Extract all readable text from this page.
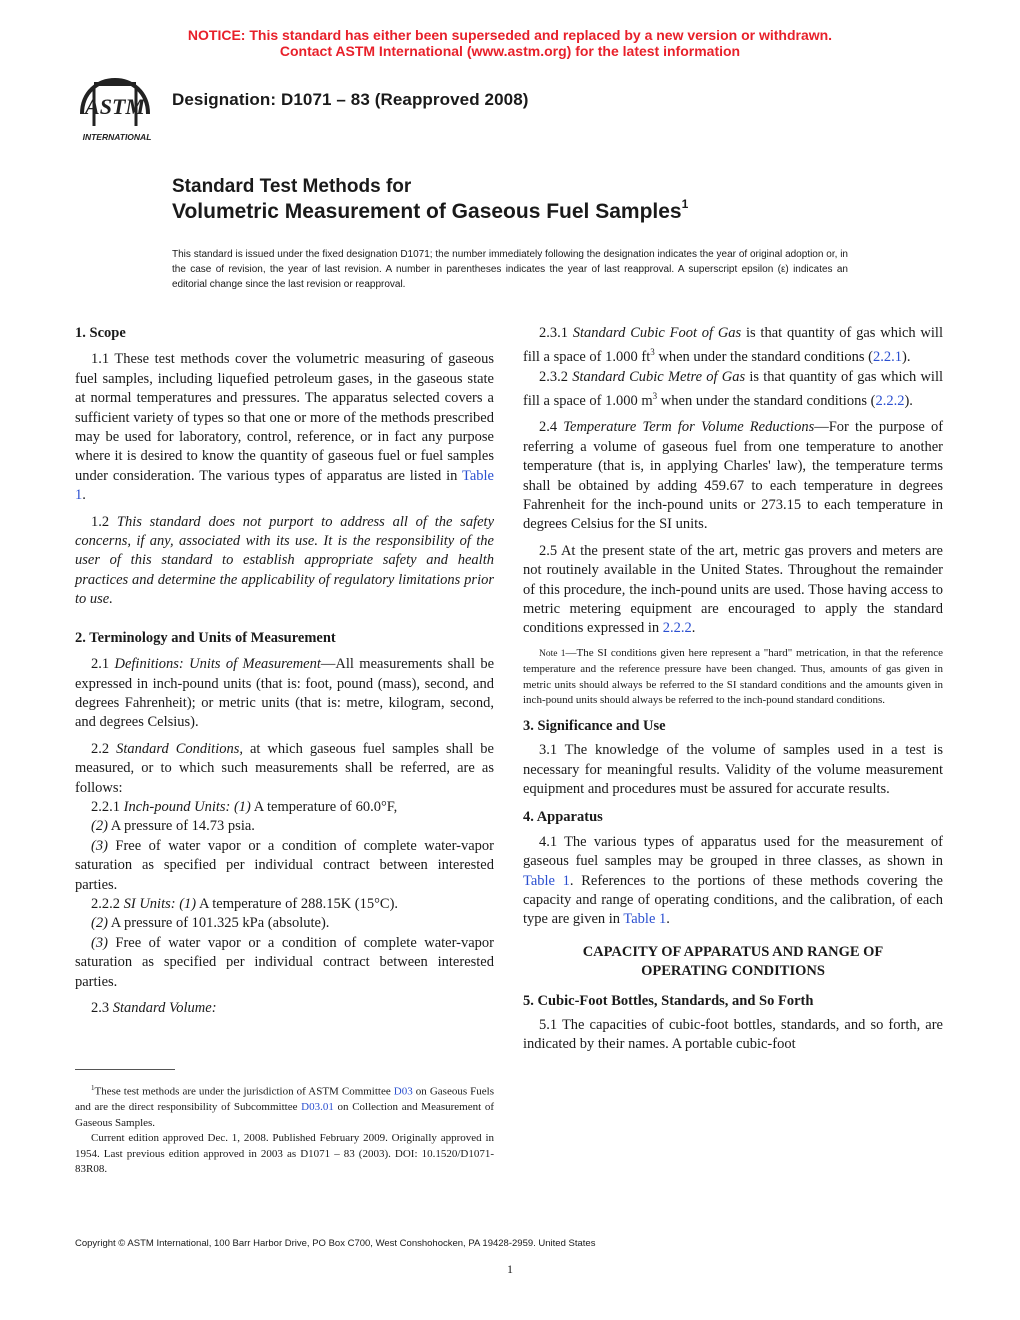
NOTICE: This standard has either been superseded and replaced by a new version or withdrawn.
Contact ASTM International (www.astm.org) for the latest information
ASTM
INTERNATIONAL
Designation: D1071 – 83 (Reapproved 2008)
Standard Test Methods for
Volumetric Measurement of Gaseous Fuel Samples$^1$
This standard is issued under the fixed designation D1071; the number immediately following the designation indicates the year of original adoption or, in the case of revision, the year of last revision. A number in parentheses indicates the year of last reapproval. A superscript epsilon (ε) indicates an editorial change since the last revision or reapproval.

1. Scope

1.1 These test methods cover the volumetric measuring of gaseous fuel samples, including liquefied petroleum gases, in the gaseous state at normal temperatures and pressures. The apparatus selected covers a sufficient variety of types so that one or more of the methods prescribed may be used for laboratory, control, reference, or in fact any purpose where it is desired to know the quantity of gaseous fuel or fuel samples under consideration. The various types of apparatus are listed in Table 1.

1.2 This standard does not purport to address all of the safety concerns, if any, associated with its use. It is the responsibility of the user of this standard to establish appropriate safety and health practices and determine the applicability of regulatory limitations prior to use.

2. Terminology and Units of Measurement

2.1 Definitions: Units of Measurement—All measurements shall be expressed in inch-pound units (that is: foot, pound (mass), second, and degrees Fahrenheit); or metric units (that is: metre, kilogram, second, and degrees Celsius).

2.2 Standard Conditions, at which gaseous fuel samples shall be measured, or to which such measurements shall be referred, are as follows:

2.2.1 Inch-pound Units: (1) A temperature of 60.0°F,

(2) A pressure of 14.73 psia.

(3) Free of water vapor or a condition of complete water-vapor saturation as specified per individual contract between interested parties.

2.2.2 SI Units: (1) A temperature of 288.15K (15°C).

(2) A pressure of 101.325 kPa (absolute).

(3) Free of water vapor or a condition of complete water-vapor saturation as specified per individual contract between interested parties.

2.3 Standard Volume:

$^1$These test methods are under the jurisdiction of ASTM Committee D03 on Gaseous Fuels and are the direct responsibility of Subcommittee D03.01 on Collection and Measurement of Gaseous Samples.

Current edition approved Dec. 1, 2008. Published February 2009. Originally approved in 1954. Last previous edition approved in 2003 as D1071 – 83 (2003). DOI: 10.1520/D1071-83R08.

2.3.1 Standard Cubic Foot of Gas is that quantity of gas which will fill a space of 1.000 $ft^3$ when under the standard conditions (2.2.1).

2.3.2 Standard Cubic Metre of Gas is that quantity of gas which will fill a space of 1.000 $m^3$ when under the standard conditions (2.2.2).

2.4 Temperature Term for Volume Reductions—For the purpose of referring a volume of gaseous fuel from one temperature to another temperature (that is, in applying Charles' law), the temperature terms shall be obtained by adding 459.67 to each temperature in degrees Fahrenheit for the inch-pound units or 273.15 to each temperature in degrees Celsius for the SI units.

2.5 At the present state of the art, metric gas provers and meters are not routinely available in the United States. Throughout the remainder of this procedure, the inch-pound units are used. Those having access to metric metering equipment are encouraged to apply the standard conditions expressed in 2.2.2.

Note 1—The SI conditions given here represent a "hard" metrication, in that the reference temperature and the reference pressure have been changed. Thus, amounts of gas given in metric units should always be referred to the SI standard conditions and the amounts given in inch-pound units should always be referred to the inch-pound standard conditions.

3. Significance and Use

3.1 The knowledge of the volume of samples used in a test is necessary for meaningful results. Validity of the volume measurement equipment and procedures must be assured for accurate results.

4. Apparatus

4.1 The various types of apparatus used for the measurement of gaseous fuel samples may be grouped in three classes, as shown in Table 1. References to the portions of these methods covering the capacity and range of operating conditions, and the calibration, of each type are given in Table 1.

CAPACITY OF APPARATUS AND RANGE OF

OPERATING CONDITIONS

5. Cubic-Foot Bottles, Standards, and So Forth

5.1 The capacities of cubic-foot bottles, standards, and so forth, are indicated by their names. A portable cubic-foot

Copyright © ASTM International, 100 Barr Harbor Drive, PO Box C700, West Conshohocken, PA 19428-2959. United States
1
